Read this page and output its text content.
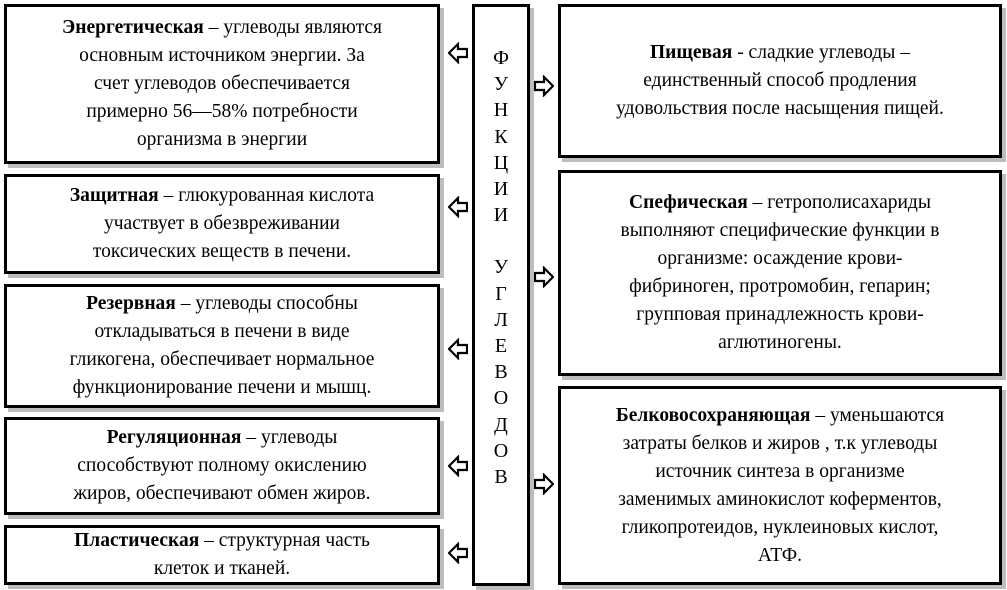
Энергетическая – углеводы являются
основным источником энергии. За
счет углеводов обеспечивается
примерно 56—58% потребности
организма в энергии

Защитная – глюкурованная кислота
участвует в обезвреживании
токсических веществ в печени.

Резервная – углеводы способны
откладываться в печени в виде
гликогена, обеспечивает нормальное
функционирование печени и мышц.

Регуляционная – углеводы
способствуют полному окислению
жиров, обеспечивают обмен жиров.

Пластическая – структурная часть
клеток и тканей.

Ф
У
Н
К
Ц
И
И
У
Г
Л
Е
В
О
Д
О
В

Пищевая - сладкие углеводы –
единственный способ продления
удовольствия после насыщения пищей.

Спефическая – гетрополисахариды
выполняют специфические функции в
организме: осаждение крови-
фибриноген, протромобин, гепарин;
групповая принадлежность крови-
аглютиногены.

Белковосохраняющая – уменьшаются
затраты белков и жиров , т.к углеводы
источник синтеза в организме
заменимых аминокислот коферментов,
гликопротеидов, нуклеиновых кислот,
АТФ.
